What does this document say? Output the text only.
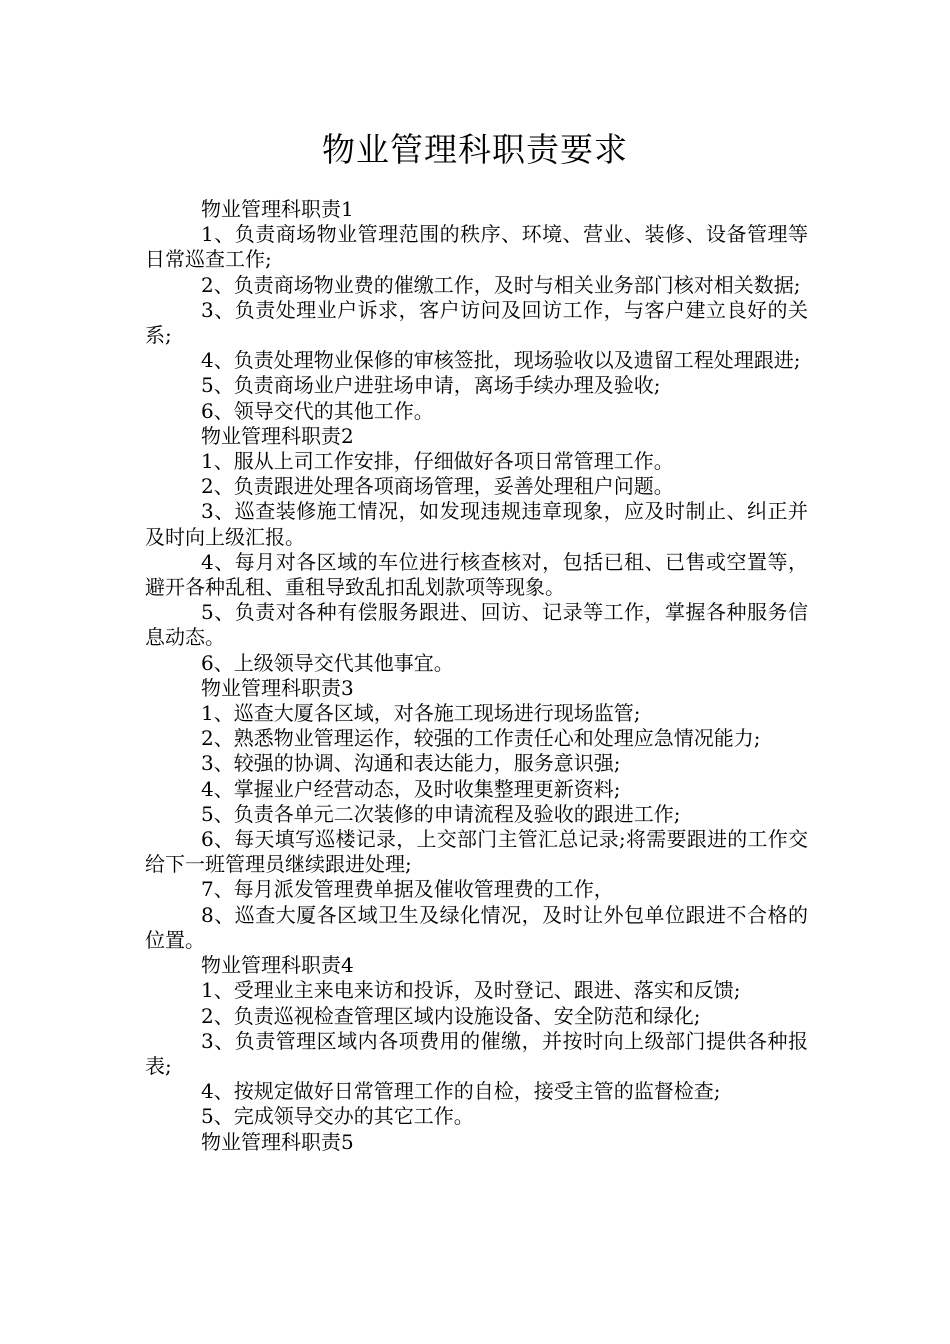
物业管理科职责要求

物业管理科职责1

1、负责商场物业管理范围的秩序、环境、营业、装修、设备管理等日常巡查工作;

2、负责商场物业费的催缴工作，及时与相关业务部门核对相关数据;

3、负责处理业户诉求，客户访问及回访工作，与客户建立良好的关系;

4、负责处理物业保修的审核签批，现场验收以及遗留工程处理跟进;

5、负责商场业户进驻场申请，离场手续办理及验收;

6、领导交代的其他工作。

物业管理科职责2

1、服从上司工作安排，仔细做好各项日常管理工作。

2、负责跟进处理各项商场管理，妥善处理租户问题。

3、巡查装修施工情况，如发现违规违章现象，应及时制止、纠正并及时向上级汇报。

4、每月对各区域的车位进行核查核对，包括已租、已售或空置等，避开各种乱租、重租导致乱扣乱划款项等现象。

5、负责对各种有偿服务跟进、回访、记录等工作，掌握各种服务信息动态。

6、上级领导交代其他事宜。

物业管理科职责3

1、巡查大厦各区域，对各施工现场进行现场监管;

2、熟悉物业管理运作，较强的工作责任心和处理应急情况能力;

3、较强的协调、沟通和表达能力，服务意识强;

4、掌握业户经营动态，及时收集整理更新资料;

5、负责各单元二次装修的申请流程及验收的跟进工作;

6、每天填写巡楼记录，上交部门主管汇总记录;将需要跟进的工作交给下一班管理员继续跟进处理;

7、每月派发管理费单据及催收管理费的工作，

8、巡查大厦各区域卫生及绿化情况，及时让外包单位跟进不合格的位置。

物业管理科职责4

1、受理业主来电来访和投诉，及时登记、跟进、落实和反馈;

2、负责巡视检查管理区域内设施设备、安全防范和绿化;

3、负责管理区域内各项费用的催缴，并按时向上级部门提供各种报表;

4、按规定做好日常管理工作的自检，接受主管的监督检查;

5、完成领导交办的其它工作。

物业管理科职责5
